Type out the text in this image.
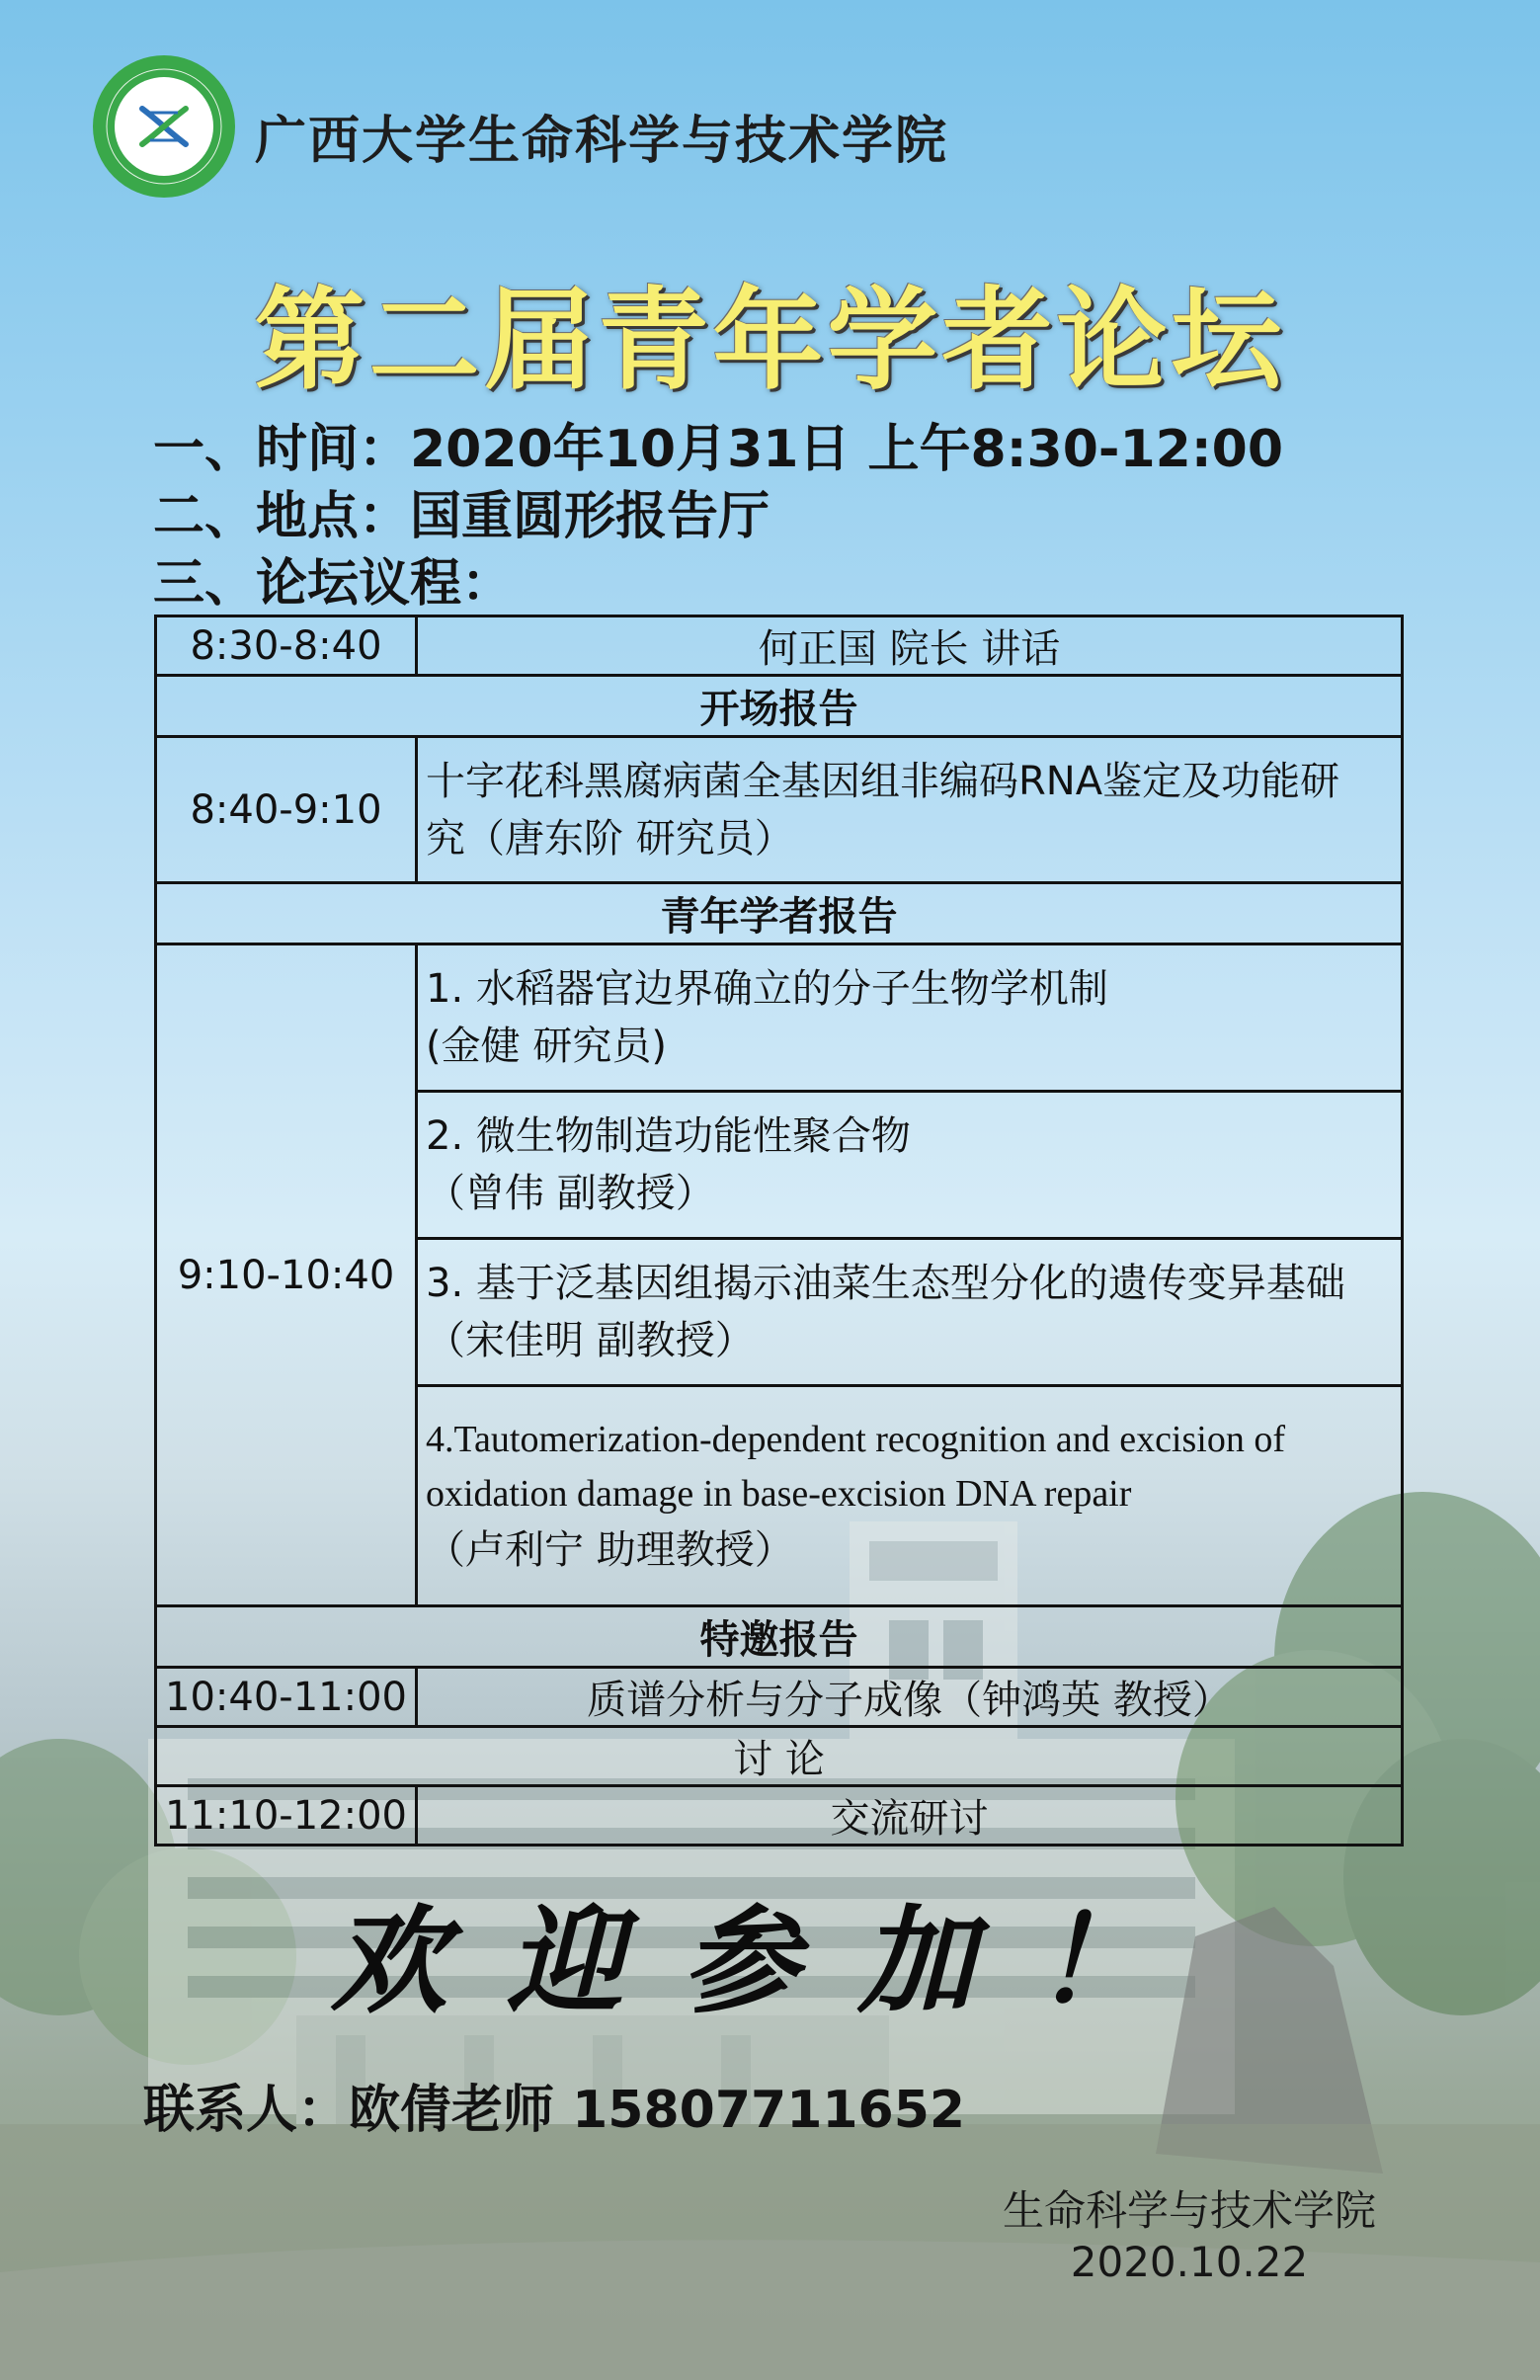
广西大学生命科学与技术学院
第二届青年学者论坛
一、时间：2020年10月31日 上午8:30-12:00
二、地点：国重圆形报告厅
三、论坛议程：
8:30-8:40	何正国 院长 讲话
开场报告	
8:40-9:10	十字花科黑腐病菌全基因组非编码RNA鉴定及功能研
究（唐东阶 研究员）

青年学者报告	
9:10-10:40	1. 水稻器官边界确立的分子生物学机制
(金健 研究员)

	2. 微生物制造功能性聚合物
（曾伟 副教授）

	3. 基于泛基因组揭示油菜生态型分化的遗传变异基础
（宋佳明 副教授）

	4.Tautomerization-dependent recognition and excision of
oxidation damage in base-excision DNA repair
（卢利宁 助理教授）

特邀报告	
10:40-11:00	质谱分析与分子成像（钟鸿英 教授）
讨 论	
11:10-12:00	交流研讨
欢迎参加！
联系人：欧倩老师 15807711652
生命科学与技术学院
2020.10.22
